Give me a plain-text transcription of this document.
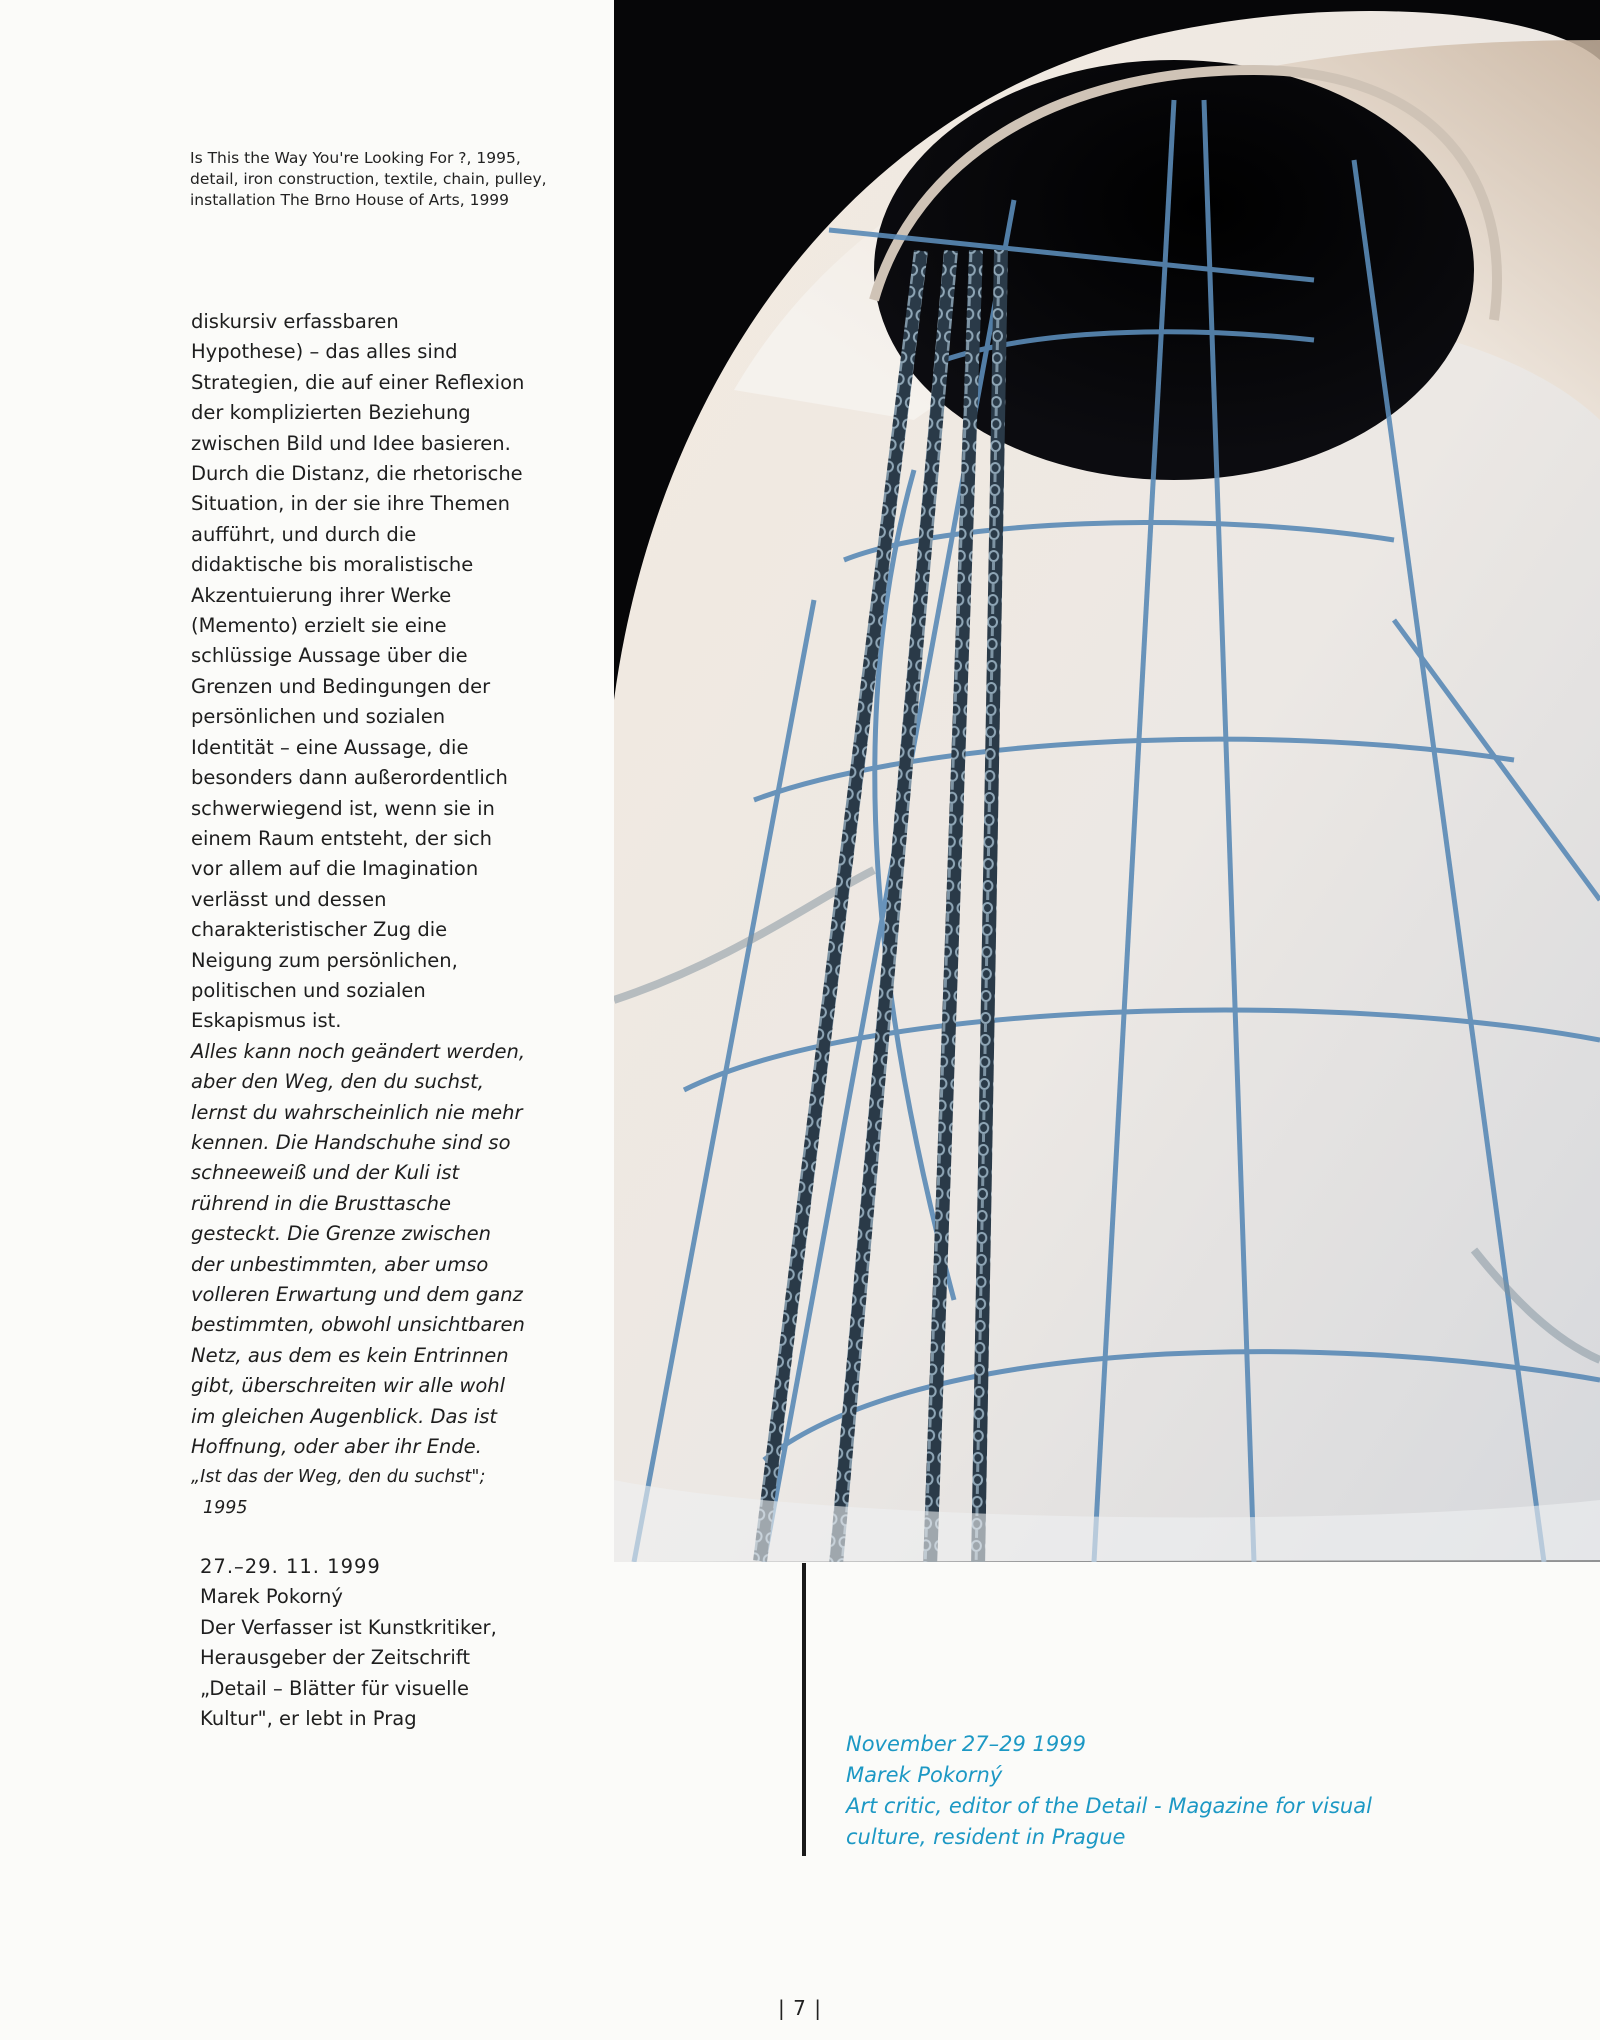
Is This the Way You're Looking For ?, 1995,
detail, iron construction, textile, chain, pulley,
installation The Brno House of Arts, 1999
diskursiv erfassbaren
Hypothese) – das alles sind
Strategien, die auf einer Reflexion
der komplizierten Beziehung
zwischen Bild und Idee basieren.
Durch die Distanz, die rhetorische
Situation, in der sie ihre Themen
aufführt, und durch die
didaktische bis moralistische
Akzentuierung ihrer Werke
(Memento) erzielt sie eine
schlüssige Aussage über die
Grenzen und Bedingungen der
persönlichen und sozialen
Identität – eine Aussage, die
besonders dann außerordentlich
schwerwiegend ist, wenn sie in
einem Raum entsteht, der sich
vor allem auf die Imagination
verlässt und dessen
charakteristischer Zug die
Neigung zum persönlichen,
politischen und sozialen
Eskapismus ist.
Alles kann noch geändert werden,
aber den Weg, den du suchst,
lernst du wahrscheinlich nie mehr
kennen. Die Handschuhe sind so
schneeweiß und der Kuli ist
rührend in die Brusttasche
gesteckt. Die Grenze zwischen
der unbestimmten, aber umso
volleren Erwartung und dem ganz
bestimmten, obwohl unsichtbaren
Netz, aus dem es kein Entrinnen
gibt, überschreiten wir alle wohl
im gleichen Augenblick. Das ist
Hoffnung, oder aber ihr Ende.
„Ist das der Weg, den du suchst";
1995
27.–29. 11. 1999
Marek Pokorný
Der Verfasser ist Kunstkritiker,
Herausgeber der Zeitschrift
„Detail – Blätter für visuelle
Kultur", er lebt in Prag
November 27–29 1999
Marek Pokorný
Art critic, editor of the Detail - Magazine for visual
culture, resident in Prague
| 7 |
